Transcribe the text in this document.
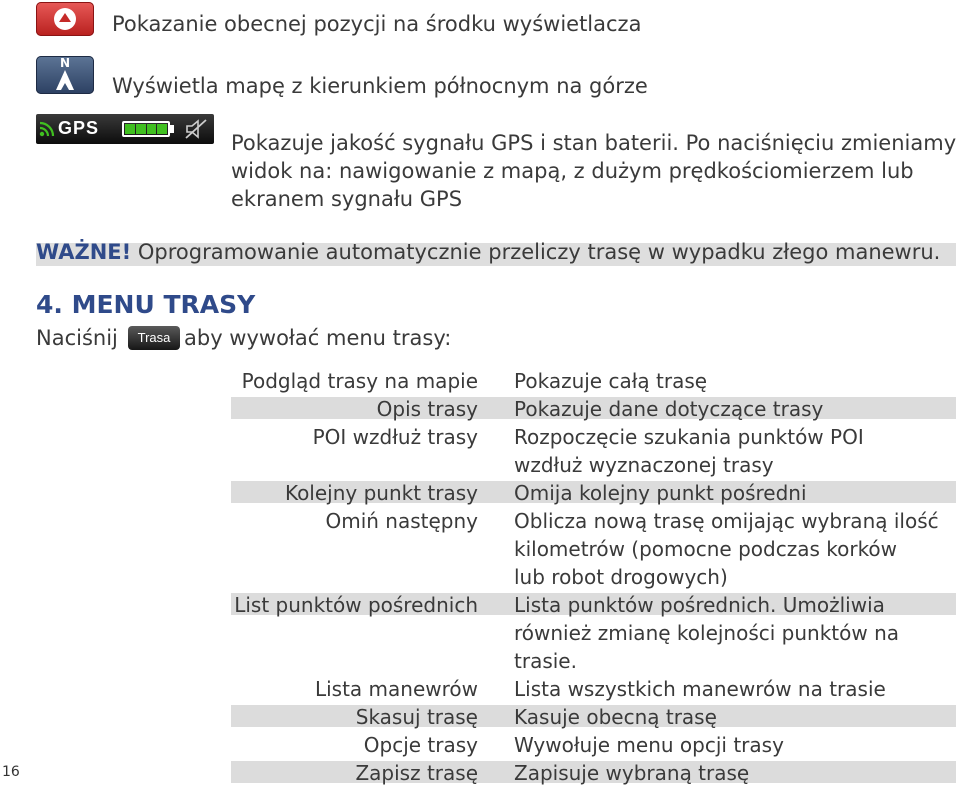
Pokazanie obecnej pozycji na środku wyświetlacza
N
Wyświetla mapę z kierunkiem północnym na górze
GPS
Pokazuje jakość sygnału GPS i stan baterii. Po naciśnięciu zmieniamy
widok na: nawigowanie z mapą, z dużym prędkościomierzem lub
ekranem sygnału GPS
WAŻNE! Oprogramowanie automatycznie przeliczy trasę w wypadku złego manewru.
4. MENU TRASY
Naciśnij	Trasa aby wywołać menu trasy:
Podgląd trasy na mapie Pokazuje całą trasę
Opis trasy Pokazuje dane dotyczące trasy
POI wzdłuż trasy Rozpoczęcie szukania punktów POI
wzdłuż wyznaczonej trasy
Kolejny punkt trasy Omija kolejny punkt pośredni
Omiń następny Oblicza nową trasę omijając wybraną ilość
kilometrów (pomocne podczas korków
lub robot drogowych)
List punktów pośrednich Lista punktów pośrednich. Umożliwia
również zmianę kolejności punktów na
trasie.
Lista manewrów Lista wszystkich manewrów na trasie
Skasuj trasę Kasuje obecną trasę
Opcje trasy Wywołuje menu opcji trasy
Zapisz trasę Zapisuje wybraną trasę
16
